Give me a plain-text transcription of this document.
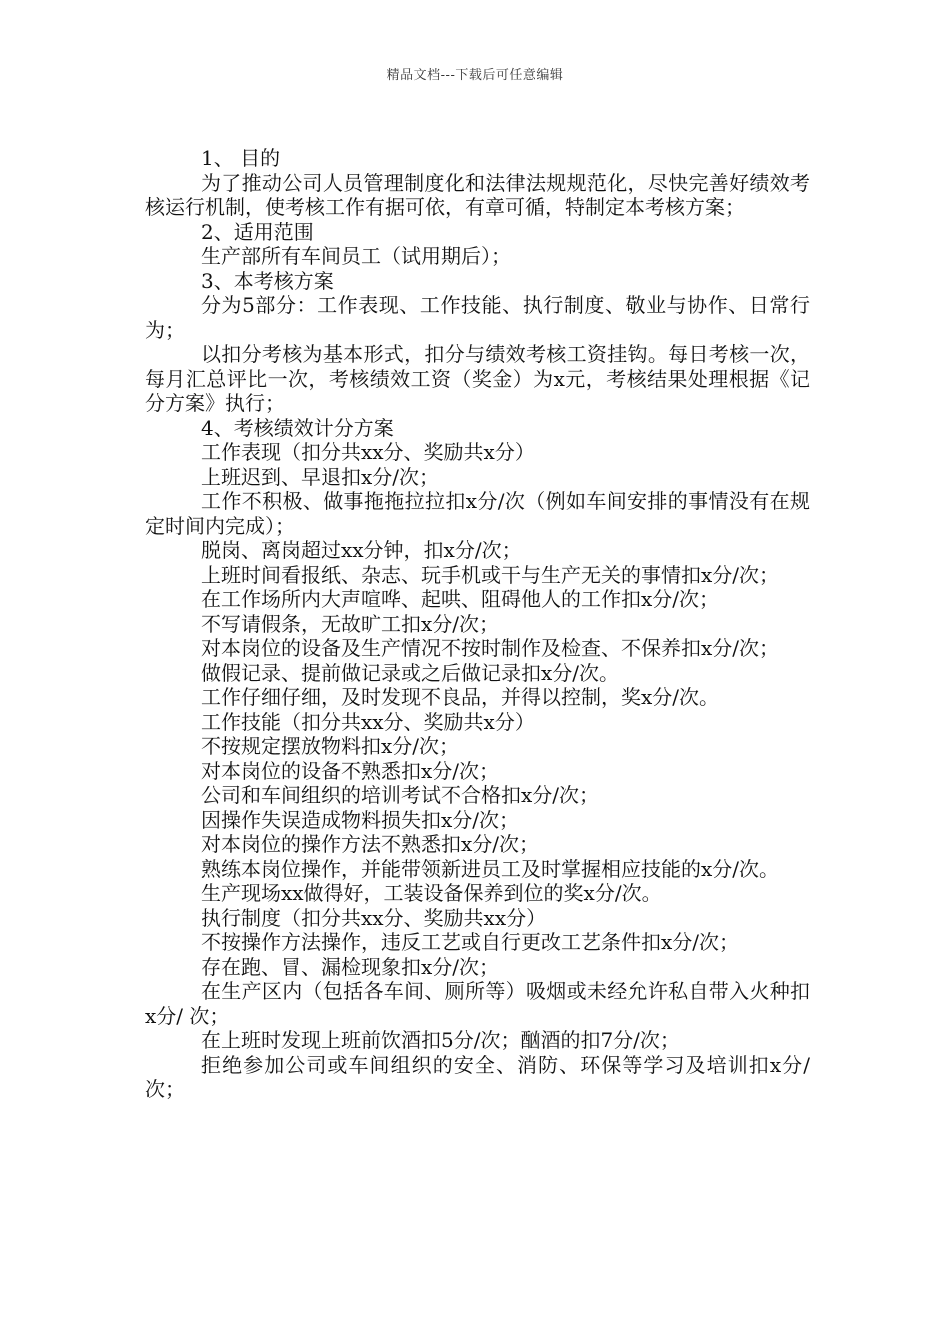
精品文档---下载后可任意编辑

1、 目的

为了推动公司人员管理制度化和法律法规规范化，尽快完善好绩效考核运行机制，使考核工作有据可依，有章可循，特制定本考核方案；

2、适用范围

生产部所有车间员工（试用期后）；

3、本考核方案

分为5部分：工作表现、工作技能、执行制度、敬业与协作、日常行为；

以扣分考核为基本形式，扣分与绩效考核工资挂钩。每日考核一次，每月汇总评比一次，考核绩效工资（奖金）为x元，考核结果处理根据《记分方案》执行；

4、考核绩效计分方案

工作表现（扣分共xx分、奖励共x分）

上班迟到、早退扣x分/次；

工作不积极、做事拖拖拉拉扣x分/次（例如车间安排的事情没有在规定时间内完成）；

脱岗、离岗超过xx分钟，扣x分/次；

上班时间看报纸、杂志、玩手机或干与生产无关的事情扣x分/次；

在工作场所内大声喧哗、起哄、阻碍他人的工作扣x分/次；

不写请假条，无故旷工扣x分/次；

对本岗位的设备及生产情况不按时制作及检查、不保养扣x分/次；

做假记录、提前做记录或之后做记录扣x分/次。

工作仔细仔细，及时发现不良品，并得以控制，奖x分/次。

工作技能（扣分共xx分、奖励共x分）

不按规定摆放物料扣x分/次；

对本岗位的设备不熟悉扣x分/次；

公司和车间组织的培训考试不合格扣x分/次；

因操作失误造成物料损失扣x分/次；

对本岗位的操作方法不熟悉扣x分/次；

熟练本岗位操作，并能带领新进员工及时掌握相应技能的x分/次。

生产现场xx做得好，工装设备保养到位的奖x分/次。

执行制度（扣分共xx分、奖励共xx分）

不按操作方法操作，违反工艺或自行更改工艺条件扣x分/次；

存在跑、冒、漏检现象扣x分/次；

在生产区内（包括各车间、厕所等）吸烟或未经允许私自带入火种扣x分/ 次；

在上班时发现上班前饮酒扣5分/次；酗酒的扣7分/次；

拒绝参加公司或车间组织的安全、消防、环保等学习及培训扣x分/次；
